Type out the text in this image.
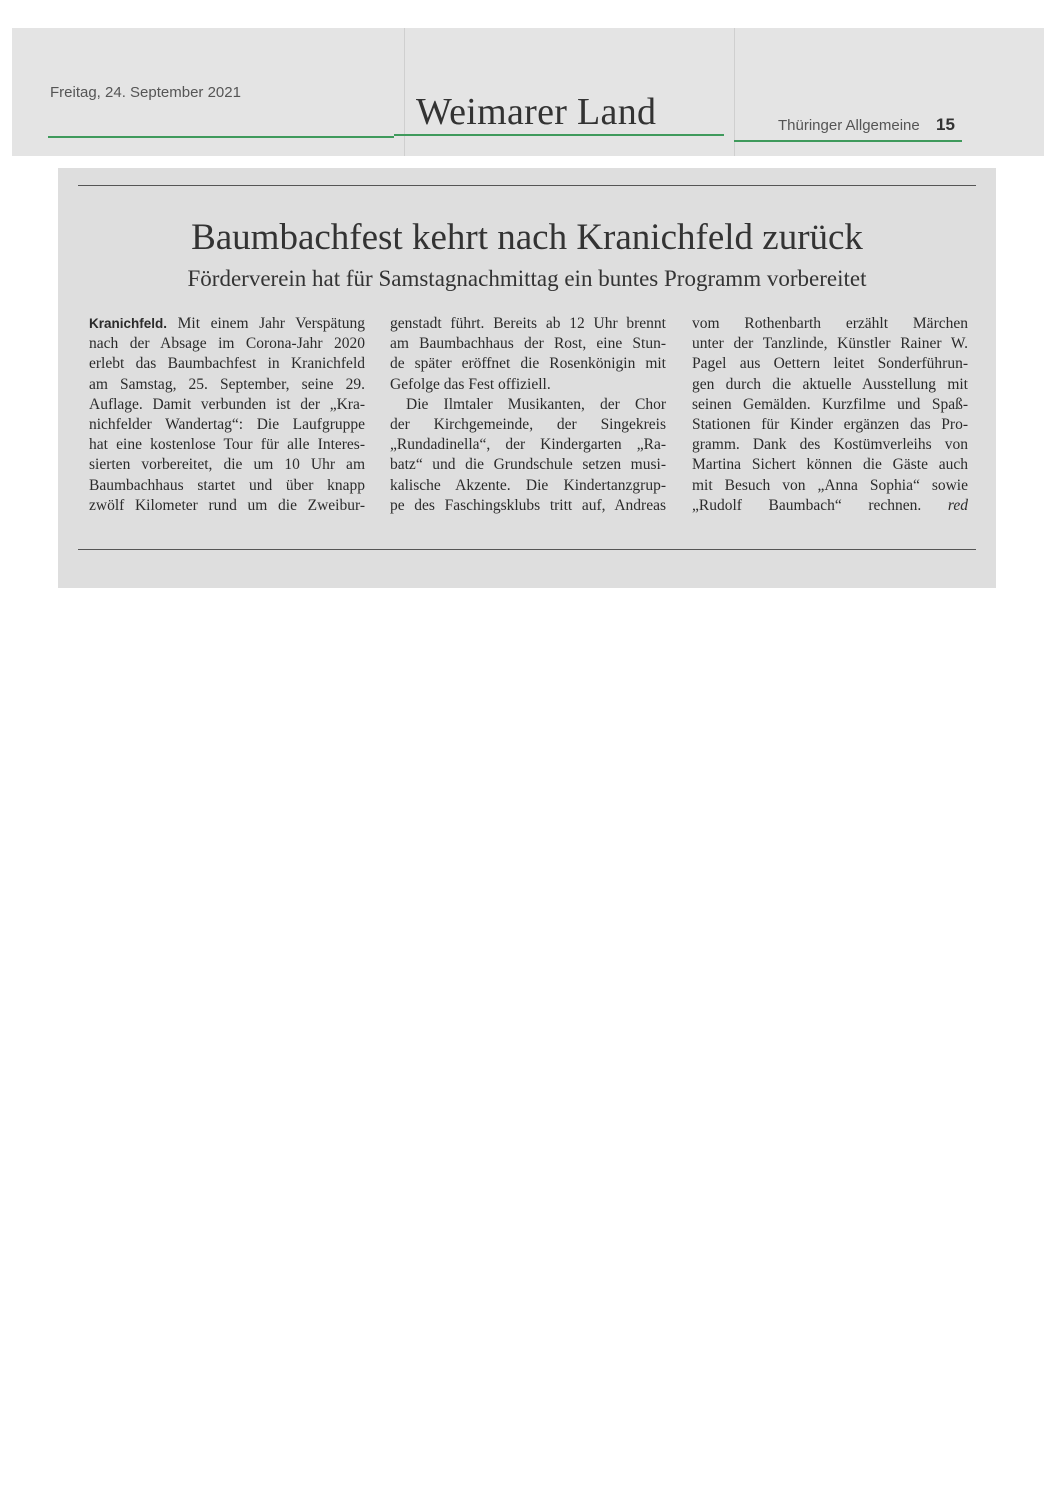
Freitag, 24. September 2021	Weimarer Land	Thüringer Allgemeine 15
Baumbachfest kehrt nach Kranichfeld zurück
Förderverein hat für Samstagnachmittag ein buntes Programm vorbereitet
Kranichfeld. Mit einem Jahr Verspätung
nach der Absage im Corona-Jahr 2020
erlebt das Baumbachfest in Kranichfeld
am Samstag, 25. September, seine 29.
Auflage. Damit verbunden ist der „Kra-
nichfelder Wandertag“: Die Laufgruppe
hat eine kostenlose Tour für alle Interes-
sierten vorbereitet, die um 10 Uhr am
Baumbachhaus startet und über knapp
zwölf Kilometer rund um die Zweibur-
genstadt führt. Bereits ab 12 Uhr brennt
am Baumbachhaus der Rost, eine Stun-
de später eröffnet die Rosenkönigin mit
Gefolge das Fest offiziell.
Die Ilmtaler Musikanten, der Chor
der Kirchgemeinde, der Singekreis
„Rundadinella“, der Kindergarten „Ra-
batz“ und die Grundschule setzen musi-
kalische Akzente. Die Kindertanzgrup-
pe des Faschingsklubs tritt auf, Andreas
vom Rothenbarth erzählt Märchen
unter der Tanzlinde, Künstler Rainer W.
Pagel aus Oettern leitet Sonderführun-
gen durch die aktuelle Ausstellung mit
seinen Gemälden. Kurzfilme und Spaß-
Stationen für Kinder ergänzen das Pro-
gramm. Dank des Kostümverleihs von
Martina Sichert können die Gäste auch
mit Besuch von „Anna Sophia“ sowie
„Rudolf Baumbach“ rechnen. red
